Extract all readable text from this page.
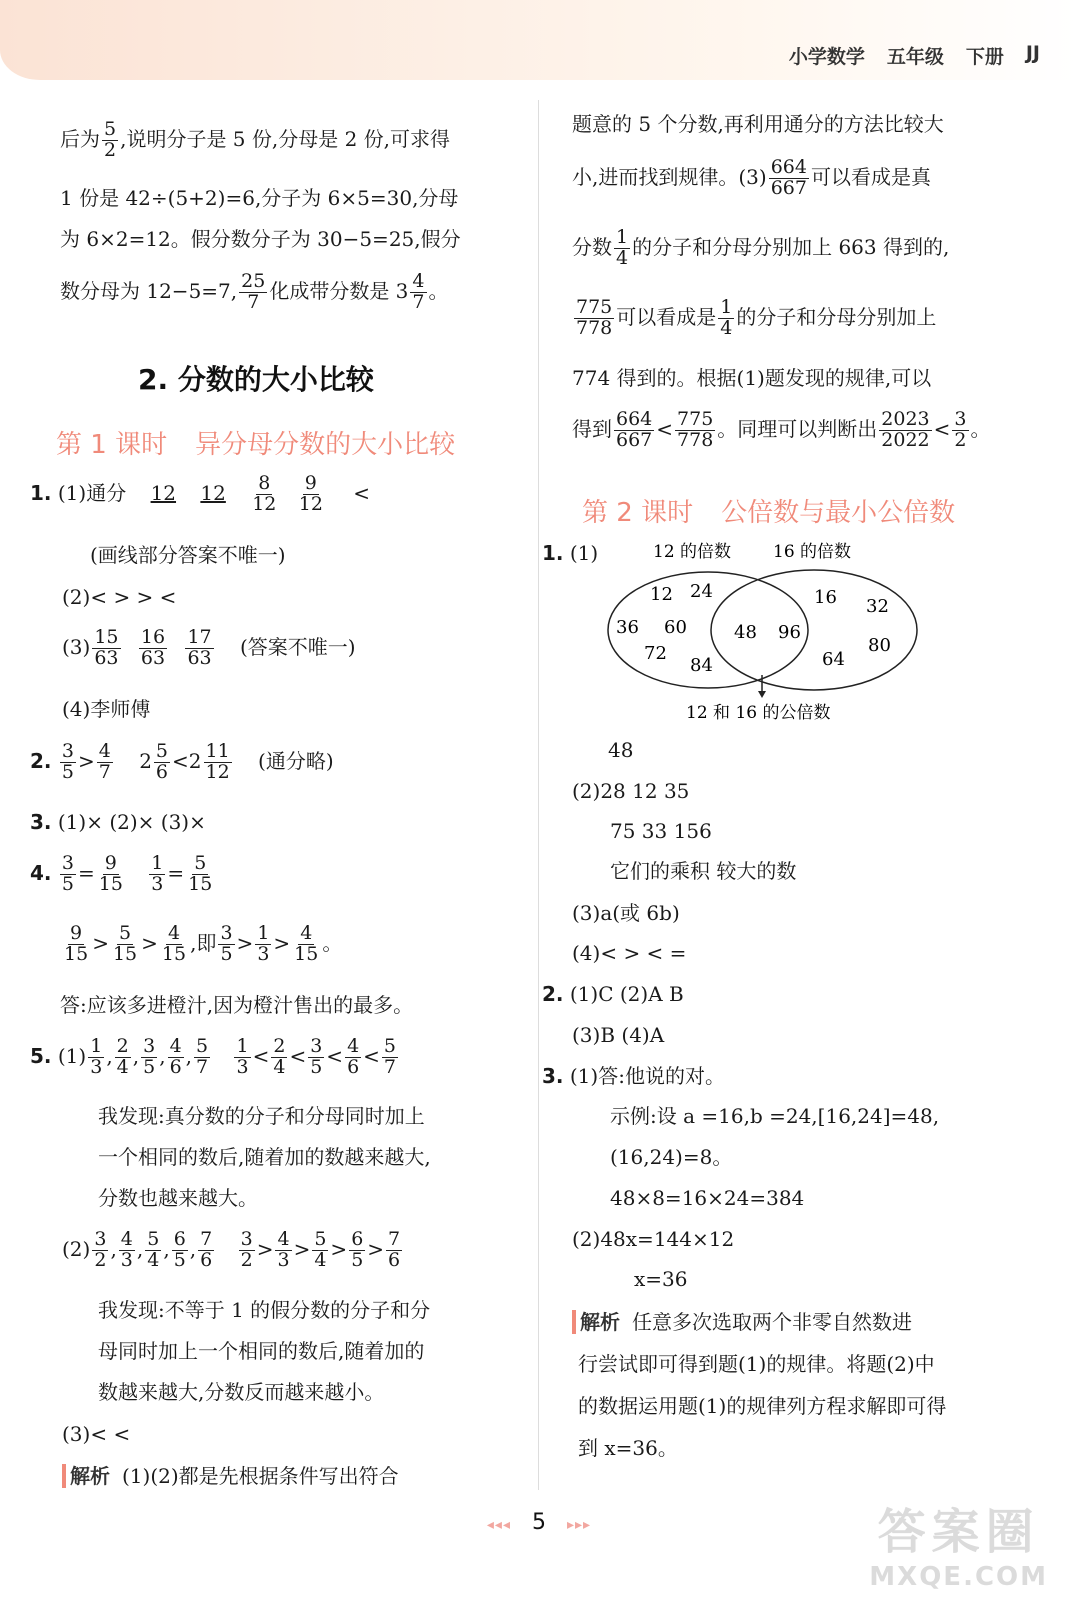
小学数学 五年级 下册 JJ
后为 $\frac{5}{2}$ ,说明分子是 5 份,分母是 2 份,可求得
1 份是 42÷(5+2)=6,分子为 6×5=30,分母
为 6×2=12。假分数分子为 30−5=25,假分
数分母为 12−5=7, $\frac{25}{7}$ 化成带分数是 $3 \frac{4}{7}$ 。
2. 分数的大小比较
第 1 课时 异分母分数的大小比较
1. (1)通分 12 $12 \frac{8}{12}$
$\frac{9}{12}$ <
(画线部分答案不唯一)
(2)< > > <
$(3) \frac{15}{63}$
$\frac{16}{63}$
$\frac{17}{63}$ (答案不唯一)
(4)李师傅
2. $\frac{3}{5} > \frac{4}{7} 2 \frac{5}{6} <2 \frac{11}{12}$ (通分略)
3. (1)× (2)× (3)×
4. $\frac{3}{5} = \frac{9}{15}$
$\frac{1}{3} = \frac{5}{15}$
$\frac{9}{15} > \frac{5}{15} > \frac{4}{15}$ ,即 $\frac{3}{5} > \frac{1}{3} > \frac{4}{15}$ 。
答:应该多进橙汁,因为橙汁售出的最多。
5. $(1) \frac{1}{3}$ , $\frac{2}{4}$ , $\frac{3}{5}$ , $\frac{4}{6}$ , $\frac{5}{7}$
$\frac{1}{3} < \frac{2}{4} < \frac{3}{5} < \frac{4}{6} < \frac{5}{7}$
我发现:真分数的分子和分母同时加上
一个相同的数后,随着加的数越来越大,
分数也越来越大。
$(2) \frac{3}{2}$ , $\frac{4}{3}$ , $\frac{5}{4}$ , $\frac{6}{5}$ , $\frac{7}{6}$
$\frac{3}{2} > \frac{4}{3} > \frac{5}{4} > \frac{6}{5} > \frac{7}{6}$
我发现:不等于 1 的假分数的分子和分
母同时加上一个相同的数后,随着加的
数越来越大,分数反而越来越小。
(3)< <
解析 (1)(2)都是先根据条件写出符合
题意的 5 个分数,再利用通分的方法比较大
小,进而找到规律。$(3) \frac{664}{667}$ 可以看成是真
分数 $\frac{1}{4}$ 的分子和分母分别加上 663 得到的,
$\frac{775}{778}$ 可以看成是 $\frac{1}{4}$ 的分子和分母分别加上
774 得到的。根据(1)题发现的规律,可以
得到 $\frac{664}{667} < \frac{775}{778}$ 。同理可以判断出 $\frac{2023}{2022} < \frac{3}{2}$ 。
第 2 课时 公倍数与最小公倍数
1. (1)	12 的倍数 16 的倍数
12 24
36 60
72
84
48 96
16 32
80
64
12 和 16 的公倍数
48
(2)28 12 35
75 33 156
它们的乘积 较大的数
(3)a(或 6b)
(4)< > < =
2. (1)C (2)A B
(3)B (4)A
3. (1)答:他说的对。
示例:设 a =16,b =24,[16,24]=48,
(16,24)=8。
48×8=16×24=384
(2)48x=144×12
x=36
解析 任意多次选取两个非零自然数进
行尝试即可得到题(1)的规律。将题(2)中
的数据运用题(1)的规律列方程求解即可得
到 x=36。
◂◂◂ 5 ▸▸▸	答案圈
MXQE.COM
